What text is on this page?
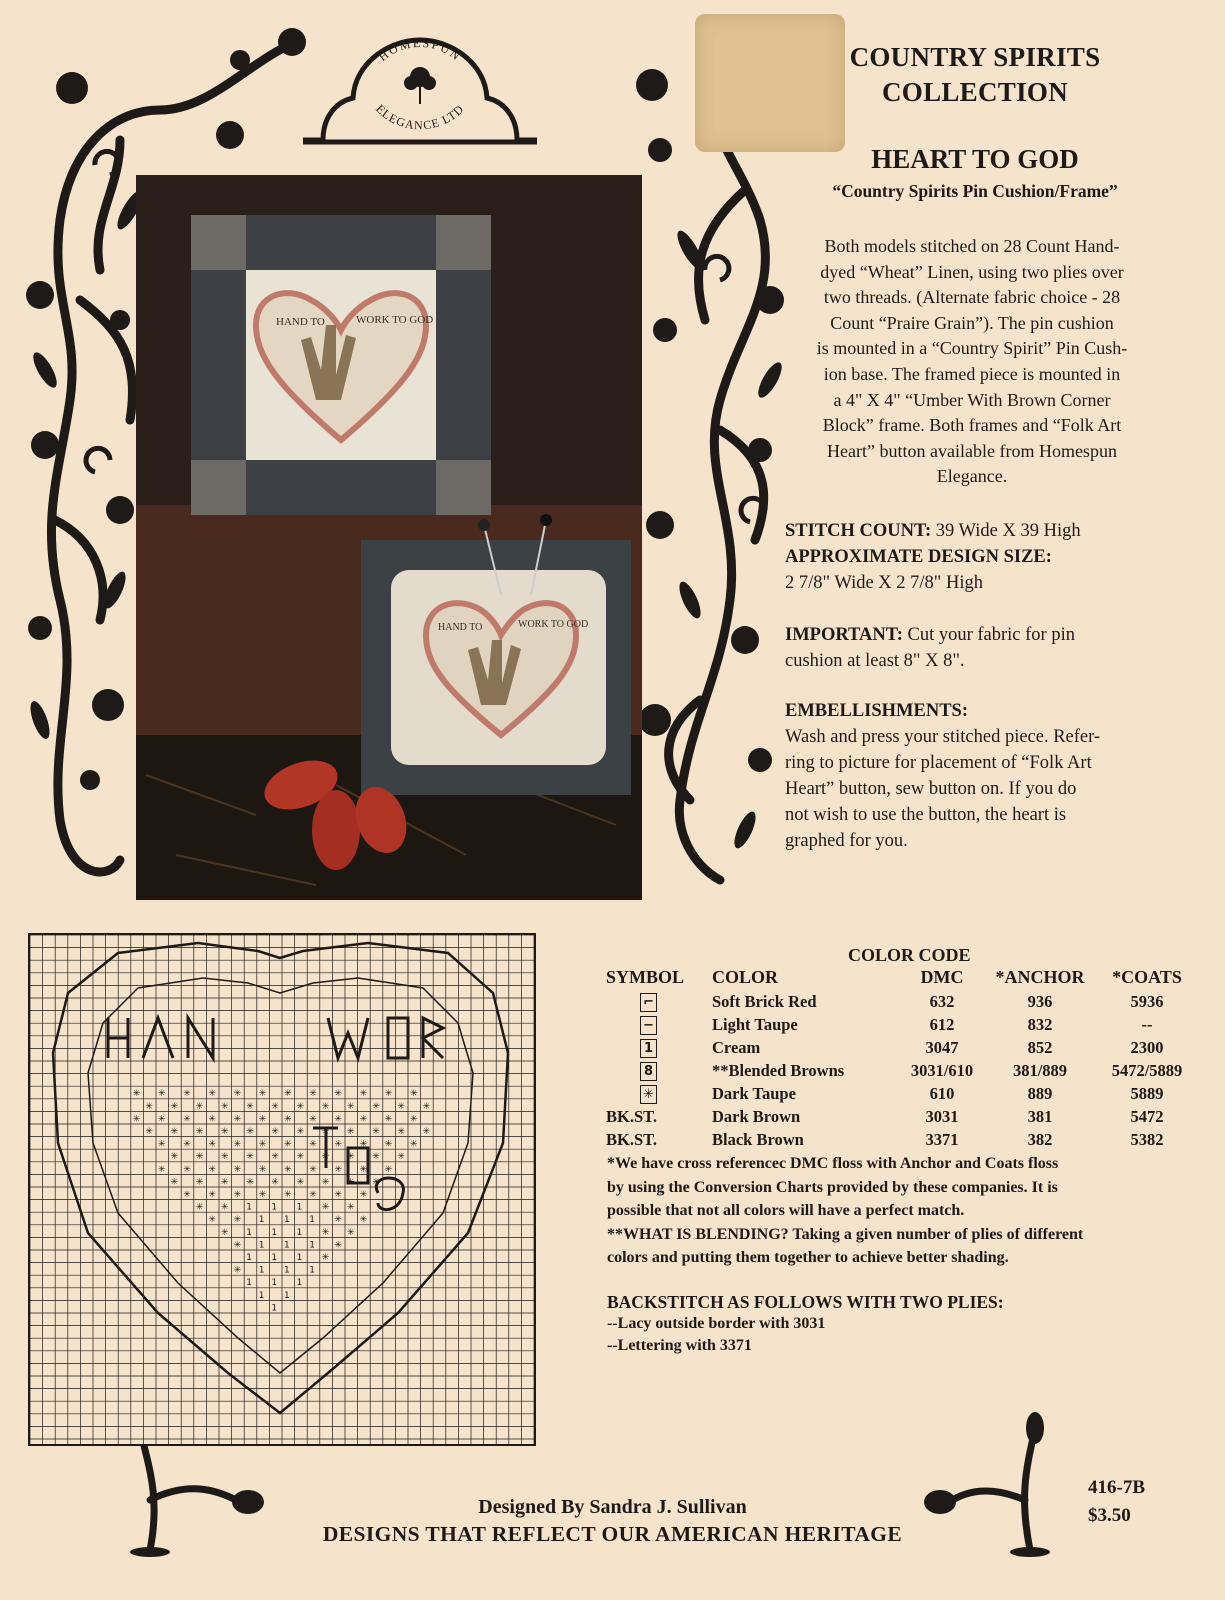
HOMESPUN
ELEGANCE LTD
COUNTRY SPIRITS
COLLECTION
HEART TO GOD
“Country Spirits Pin Cushion/Frame”
Both models stitched on 28 Count Hand-
dyed “Wheat” Linen, using two plies over
two threads. (Alternate fabric choice - 28
Count “Praire Grain”). The pin cushion
is mounted in a “Country Spirit” Pin Cush-
ion base. The framed piece is mounted in
a 4" X 4" “Umber With Brown Corner
Block” frame. Both frames and “Folk Art
Heart” button available from Homespun
Elegance.
STITCH COUNT: 39 Wide X 39 High
APPROXIMATE DESIGN SIZE:
2 7/8" Wide X 2 7/8" High
IMPORTANT: Cut your fabric for pin
cushion at least 8" X 8".
EMBELLISHMENTS:
Wash and press your stitched piece. Refer-
ring to picture for placement of “Folk Art
Heart” button, sew button on. If you do
not wish to use the button, the heart is
graphed for you.
HAND TO	WORK TO GOD
HAND TO	WORK TO GOD
✳ ✳ ✳ ✳ ✳ ✳ ✳ ✳ ✳ ✳ ✳ ✳
✳ ✳ ✳ ✳ ✳ ✳ ✳ ✳ ✳ ✳ ✳ ✳
✳ ✳ ✳ ✳ ✳ ✳ ✳ ✳ ✳ ✳ ✳ ✳
✳ ✳ ✳ ✳ ✳ ✳ ✳ ✳ ✳ ✳ ✳ ✳
✳ ✳ ✳ ✳ ✳ ✳ ✳ ✳ ✳ ✳ ✳
✳ ✳ ✳ ✳ ✳ ✳ ✳ ✳ ✳ ✳
✳ ✳ ✳ ✳ ✳ ✳ ✳ ✳ ✳ ✳
✳ ✳ ✳ ✳ ✳ ✳ ✳ ✳ ✳
✳ ✳ ✳ ✳ ✳ ✳ ✳ ✳
✳ ✳ 1 1 1 ✳ ✳
✳ ✳ 1 1 1 ✳ ✳
✳ 1 1 1 ✳ ✳
✳ 1 1 1 ✳
1 1 1 ✳
✳ 1 1 1
1 1 1
1 1
1
COLOR CODE
SYMBOL	COLOR	DMC	*ANCHOR	*COATS
⌐	Soft Brick Red	632	936	5936
−	Light Taupe	612	832	--
1	Cream	3047	852	2300
8	**Blended Browns	3031/610	381/889	5472/5889
✳	Dark Taupe	610	889	5889
BK.ST.	Dark Brown	3031	381	5472
BK.ST.	Black Brown	3371	382	5382
*We have cross referencec DMC floss with Anchor and Coats floss
by using the Conversion Charts provided by these companies. It is
possible that not all colors will have a perfect match.
**WHAT IS BLENDING? Taking a given number of plies of different
colors and putting them together to achieve better shading.
BACKSTITCH AS FOLLOWS WITH TWO PLIES:
--Lacy outside border with 3031
--Lettering with 3371
Designed By Sandra J. Sullivan
DESIGNS THAT REFLECT OUR AMERICAN HERITAGE
416-7B
$3.50
